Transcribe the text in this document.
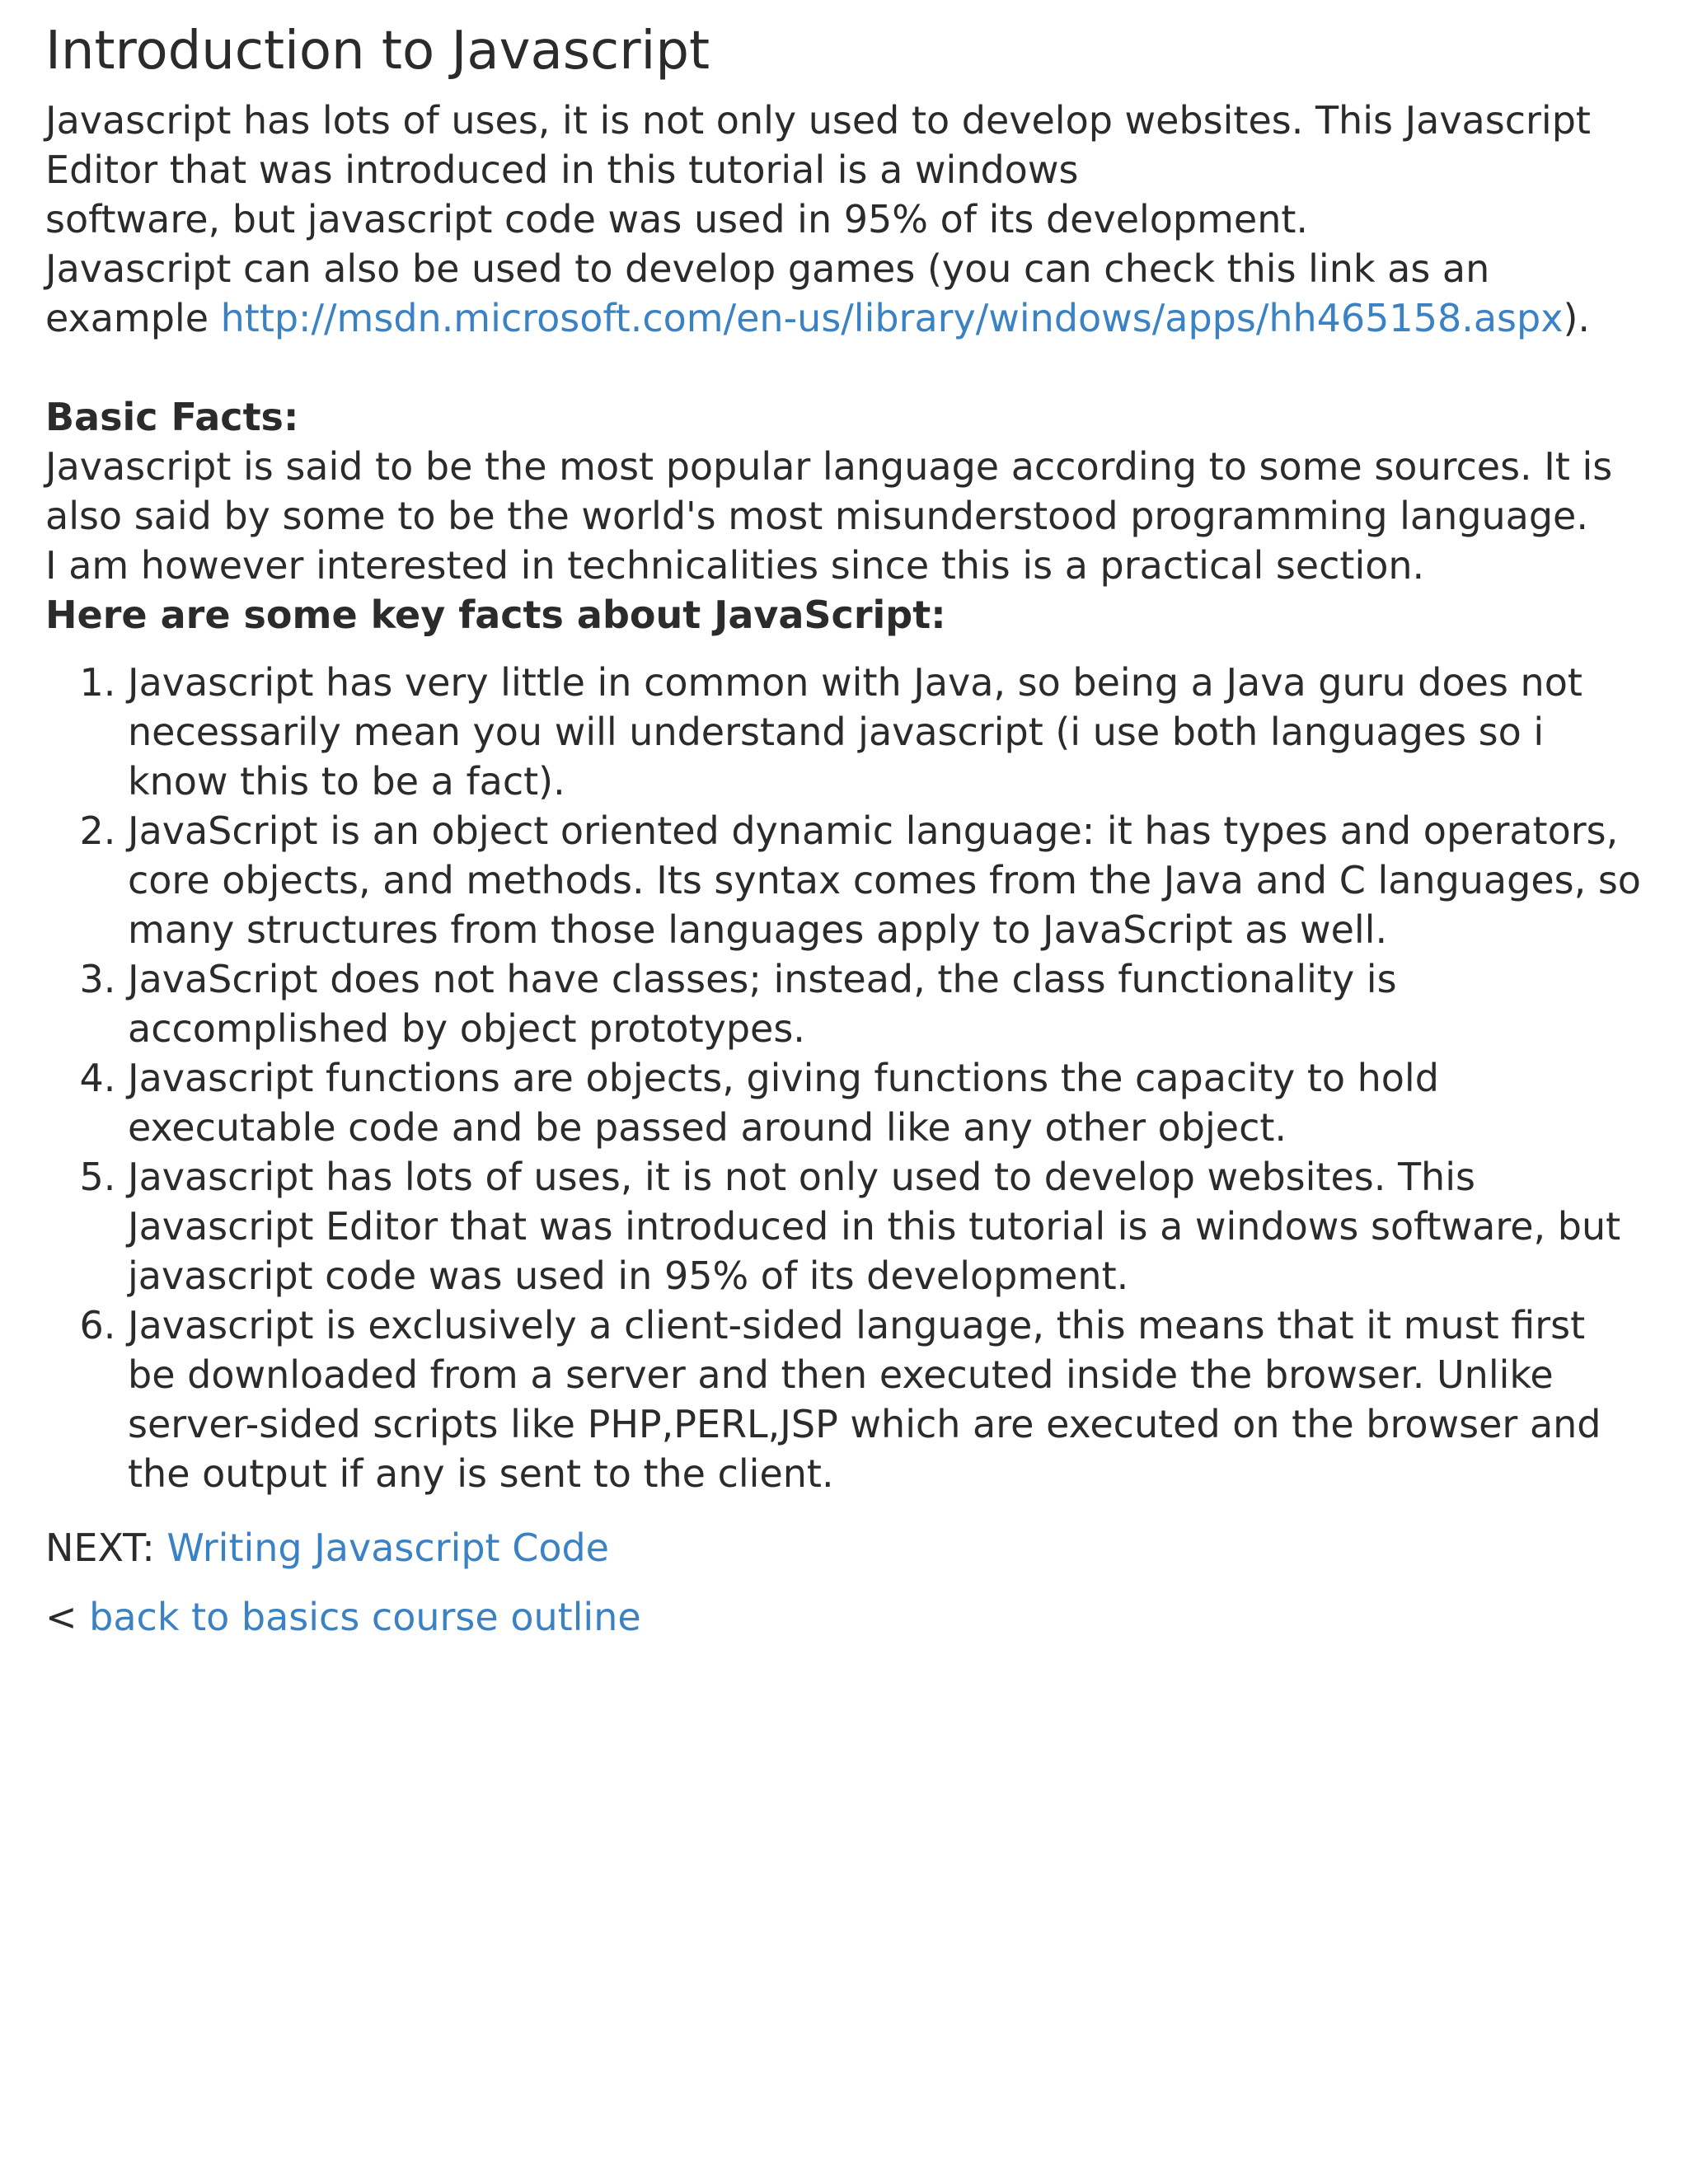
Introduction to Javascript

Javascript has lots of uses, it is not only used to develop websites. This Javascript
Editor that was introduced in this tutorial is a windows
software, but javascript code was used in 95% of its development.
Javascript can also be used to develop games (you can check this link as an
example http://msdn.microsoft.com/en-us/library/windows/apps/hh465158.aspx).

Basic Facts:

Javascript is said to be the most popular language according to some sources. It is
also said by some to be the world's most misunderstood programming language.
I am however interested in technicalities since this is a practical section.

Here are some key facts about JavaScript:

1. Javascript has very little in common with Java, so being a Java guru does not necessarily mean you will understand javascript (i use both languages so i know this to be a fact).
2. JavaScript is an object oriented dynamic language: it has types and operators, core objects, and methods. Its syntax comes from the Java and C languages, so many structures from those languages apply to JavaScript as well.
3. JavaScript does not have classes; instead, the class functionality is accomplished by object prototypes.
4. Javascript functions are objects, giving functions the capacity to hold executable code and be passed around like any other object.
5. Javascript has lots of uses, it is not only used to develop websites. This Javascript Editor that was introduced in this tutorial is a windows software, but javascript code was used in 95% of its development.
6. Javascript is exclusively a client-sided language, this means that it must first be downloaded from a server and then executed inside the browser. Unlike server-sided scripts like PHP,PERL,JSP which are executed on the browser and the output if any is sent to the client.

NEXT: Writing Javascript Code

< back to basics course outline
